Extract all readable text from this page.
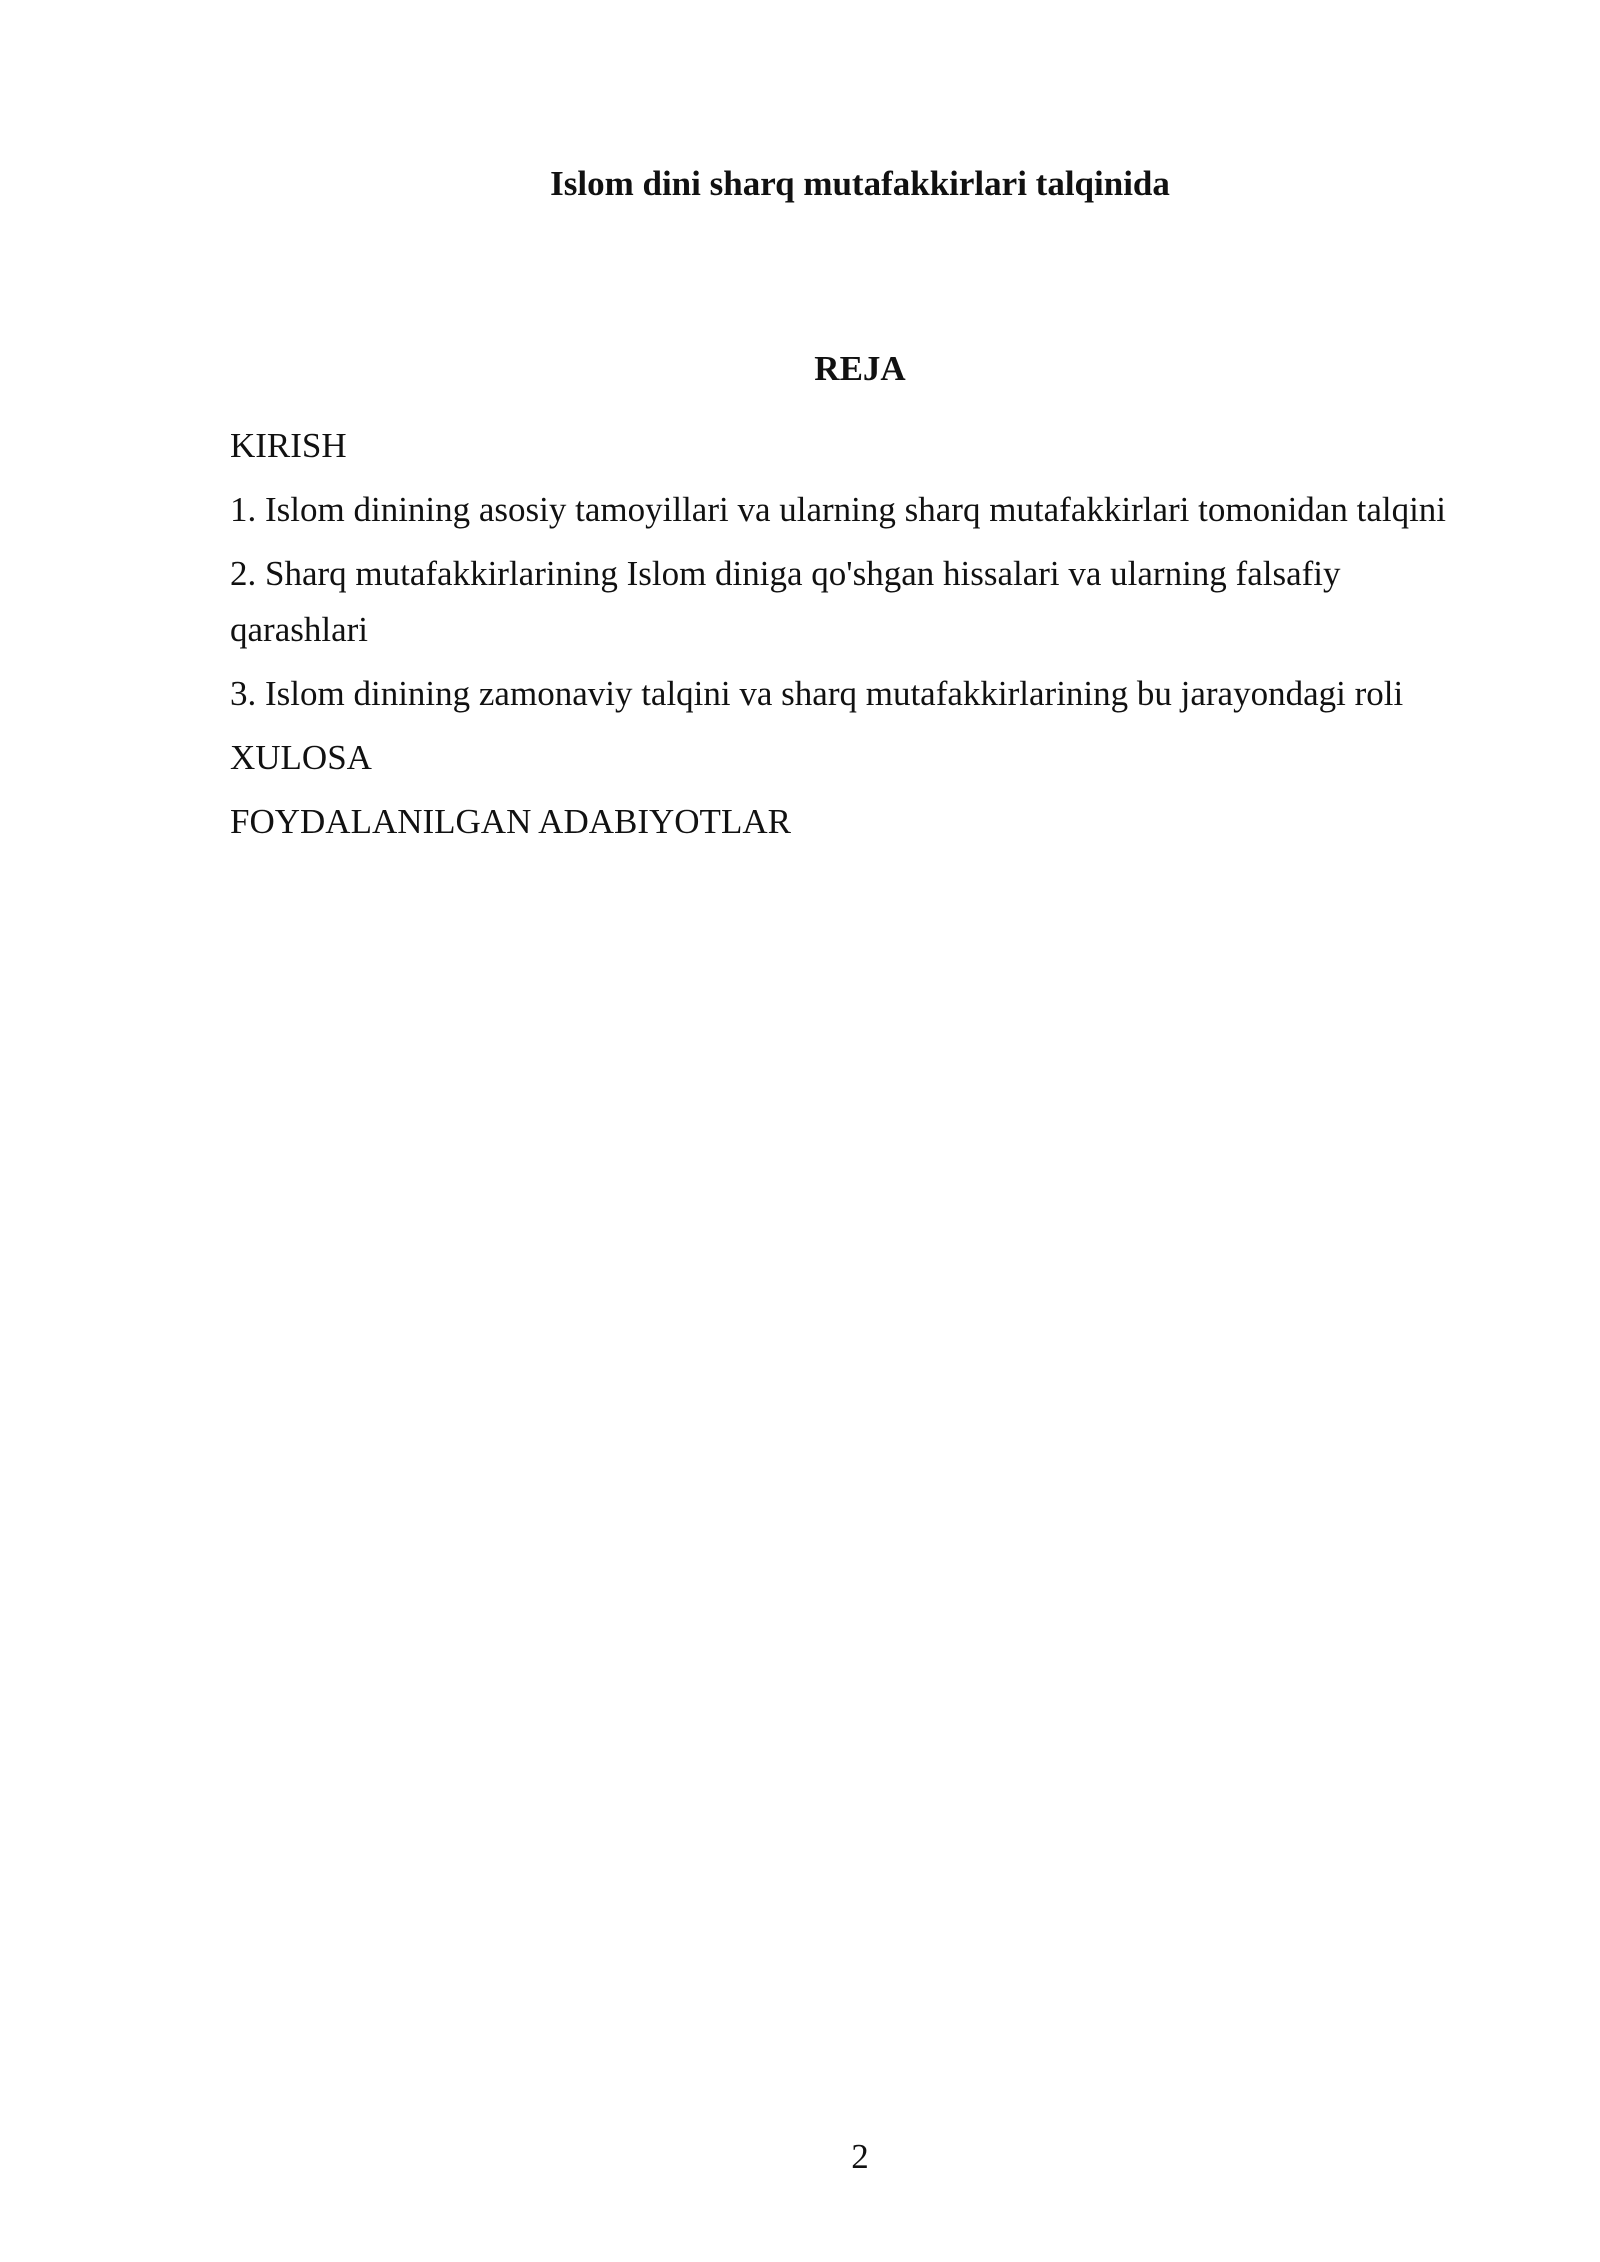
Islom dini sharq mutafakkirlari talqinida
REJA
KIRISH
1. Islom dinining asosiy tamoyillari va ularning sharq mutafakkirlari tomonidan talqini
2. Sharq mutafakkirlarining Islom diniga qo'shgan hissalari va ularning falsafiy qarashlari
3. Islom dinining zamonaviy talqini va sharq mutafakkirlarining bu jarayondagi roli
XULOSA
FOYDALANILGAN ADABIYOTLAR
2
